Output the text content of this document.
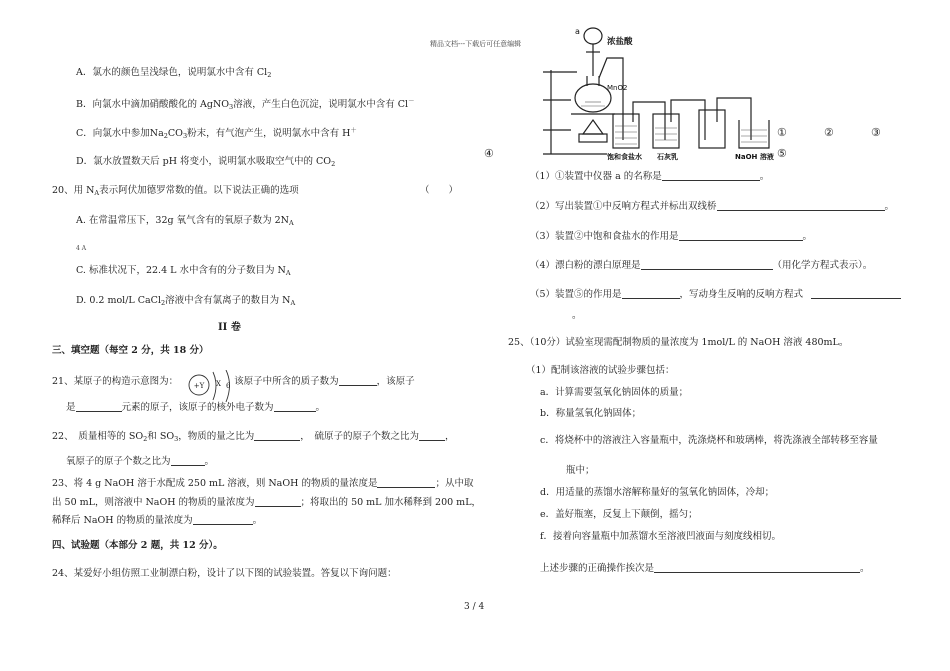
精品文档---下载后可任意编辑
A．氯水的颜色呈浅绿色，说明氯水中含有 $Cl_2$
B．向氯水中滴加硝酸酸化的 AgNO$_3$溶液，产生白色沉淀，说明氯水中含有 Cl－
C．向氯水中参加$Na_2CO_3$粉末，有气泡产生，说明氯水中含有 H＋
D．氯水放置数天后 pH 将变小，说明氯水吸取空气中的 $CO_2$
20、用 $N_A$表示阿伏加德罗常数的值。以下说法正确的选项	（　　）
A. 在常温常压下，32g 氧气含有的氧原子数为 $2N_A$
4 A
C. 标准状况下，22.4 L 水中含有的分子数目为 $N_A$
D. 0.2 mol/L CaCl$_2$溶液中含有氯离子的数目为 $N_A$
II 卷
三、填空题（每空 2 分，共 18 分）
21、某原子的构造示意图为：	该原子中所含的质子数为	，该原子
+Y X 6
是	元素的原子，该原子的核外电子数为	。
22、　质量相等的 $SO_2$和 $SO_3$，物质的量之比为	，　硫原子的原子个数之比为	，
氧原子的原子个数之比为	。
23、将 4 g NaOH 溶于水配成 250 mL 溶液，则 NaOH 的物质的量浓度是	；从中取
出 50 mL，则溶液中 NaOH 的物质的量浓度为	；将取出的 50 mL 加水稀释到 200 mL，
稀释后 NaOH 的物质的量浓度为	。
四、试验题（本部分 2 题，共 12 分）。
24、某爱好小组仿照工业制漂白粉，设计了以下图的试验装置。答复以下询问题：
a
浓盐酸
MnO2
饱和食盐水 石灰乳	NaOH 溶液
①	②	③
④	⑤
（1）①装置中仪器 a 的名称是	。
（2）写出装置①中反响方程式并标出双线桥	。
（3）装置②中饱和食盐水的作用是	。
（4）漂白粉的漂白原理是	（用化学方程式表示）。
（5）装置⑤的作用是	，写动身生反响的反响方程式
。
25、（10分）试验室现需配制物质的量浓度为 1mol/L 的 NaOH 溶液 480mL。
（1）配制该溶液的试验步骤包括：
a．计算需要氢氧化钠固体的质量；
b．称量氢氧化钠固体；
c．将烧杯中的溶液注入容量瓶中，洗涤烧杯和玻璃棒，将洗涤液全部转移至容量
瓶中；
d．用适量的蒸馏水溶解称量好的氢氧化钠固体，冷却；
e．盖好瓶塞，反复上下颠倒，摇匀；
f．接着向容量瓶中加蒸馏水至溶液凹液面与刻度线相切。
上述步骤的正确操作挨次是	。
3 / 4
